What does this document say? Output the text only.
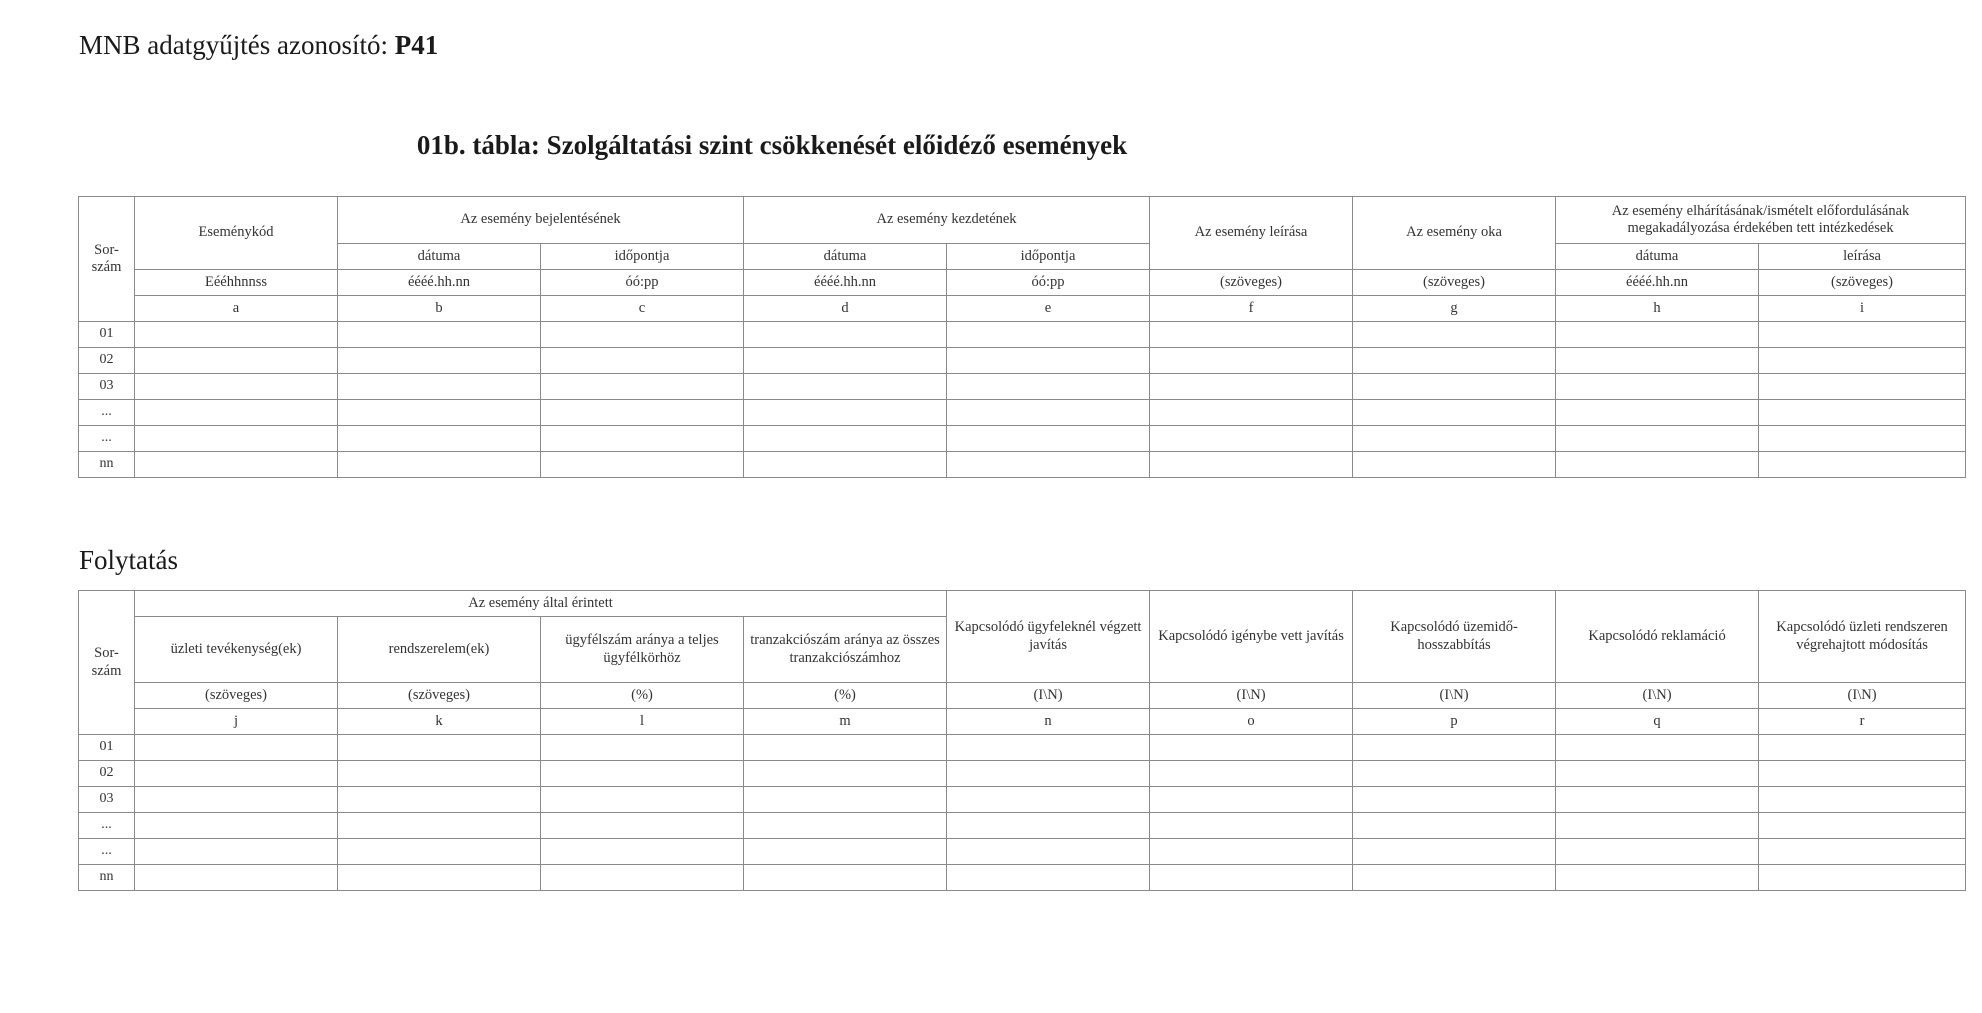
MNB adatgyűjtés azonosító: P41
01b. tábla: Szolgáltatási szint csökkenését előidéző események
Sor-szám	Eseménykód	Az esemény bejelentésének		Az esemény kezdetének		Az esemény leírása	Az esemény oka	Az esemény elhárításának/ismételt előfordulásának megakadályozása érdekében tett intézkedések	
		dátuma	időpontja	dátuma	időpontja			dátuma	leírása
	Eééhhnnss	éééé.hh.nn	óó:pp	éééé.hh.nn	óó:pp	(szöveges)	(szöveges)	éééé.hh.nn	(szöveges)
	a	b	c	d	e	f	g	h	i
01									
02									
03									
...									
...									
nn									
Folytatás
Sor-szám	Az esemény által érintett				Kapcsolódó ügyfeleknél végzett javítás	Kapcsolódó igénybe vett javítás	Kapcsolódó üzemidő-hosszabbítás	Kapcsolódó reklamáció	Kapcsolódó üzleti rendszeren végrehajtott módosítás
	üzleti tevékenység(ek)	rendszerelem(ek)	ügyfélszám aránya a teljes ügyfélkörhöz	tranzakciószám aránya az összes tranzakciószámhoz					
	(szöveges)	(szöveges)	(%)	(%)	(I\N)	(I\N)	(I\N)	(I\N)	(I\N)
	j	k	l	m	n	o	p	q	r
01									
02									
03									
...									
...									
nn									
